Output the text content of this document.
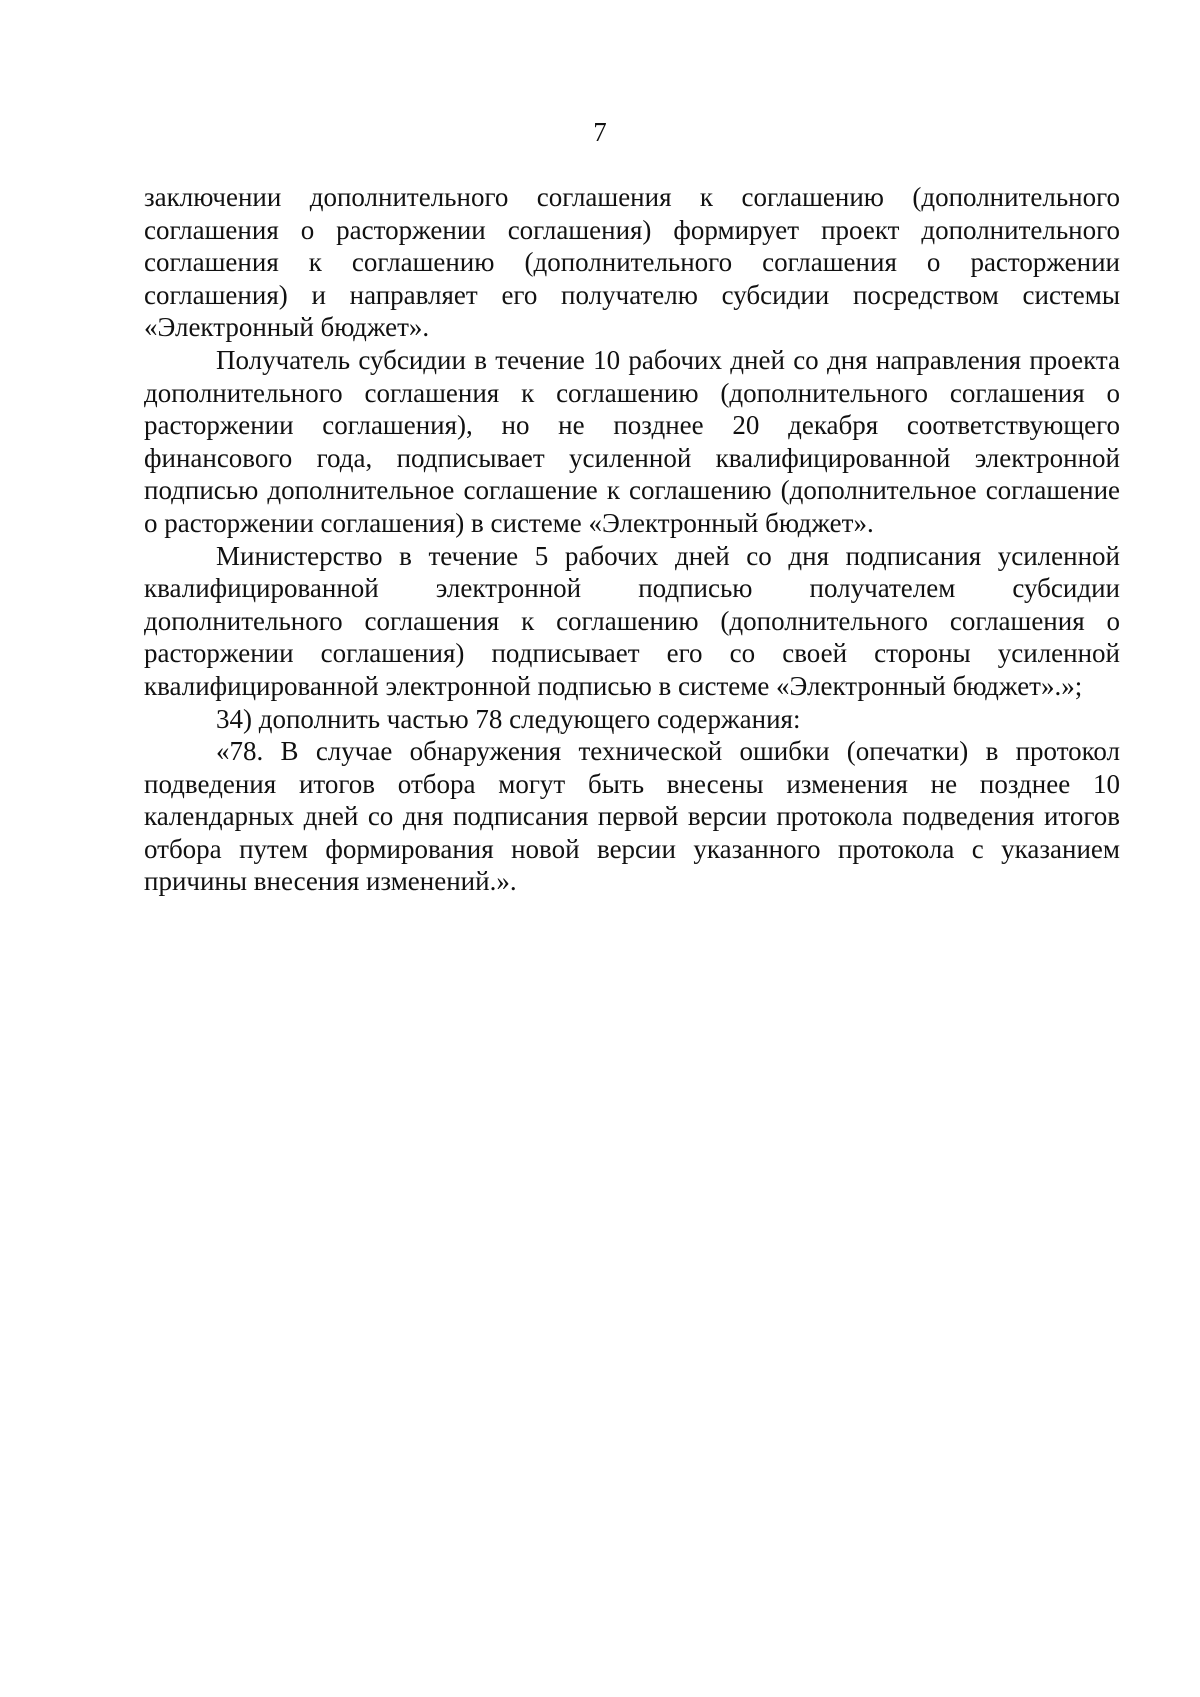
7

заключении дополнительного соглашения к соглашению (дополнительного соглашения о расторжении соглашения) формирует проект дополнительного соглашения к соглашению (дополнительного соглашения о расторжении соглашения) и направляет его получателю субсидии посредством системы «Электронный бюджет».

Получатель субсидии в течение 10 рабочих дней со дня направления проекта дополнительного соглашения к соглашению (дополнительного соглашения о расторжении соглашения), но не позднее 20 декабря соответствующего финансового года, подписывает усиленной квалифицированной электронной подписью дополнительное соглашение к соглашению (дополнительное соглашение о расторжении соглашения) в системе «Электронный бюджет».

Министерство в течение 5 рабочих дней со дня подписания усиленной квалифицированной электронной подписью получателем субсидии дополнительного соглашения к соглашению (дополнительного соглашения о расторжении соглашения) подписывает его со своей стороны усиленной квалифицированной электронной подписью в системе «Электронный бюджет».»;

34) дополнить частью 78 следующего содержания:

«78. В случае обнаружения технической ошибки (опечатки) в протокол подведения итогов отбора могут быть внесены изменения не позднее 10 календарных дней со дня подписания первой версии протокола подведения итогов отбора путем формирования новой версии указанного протокола с указанием причины внесения изменений.».
